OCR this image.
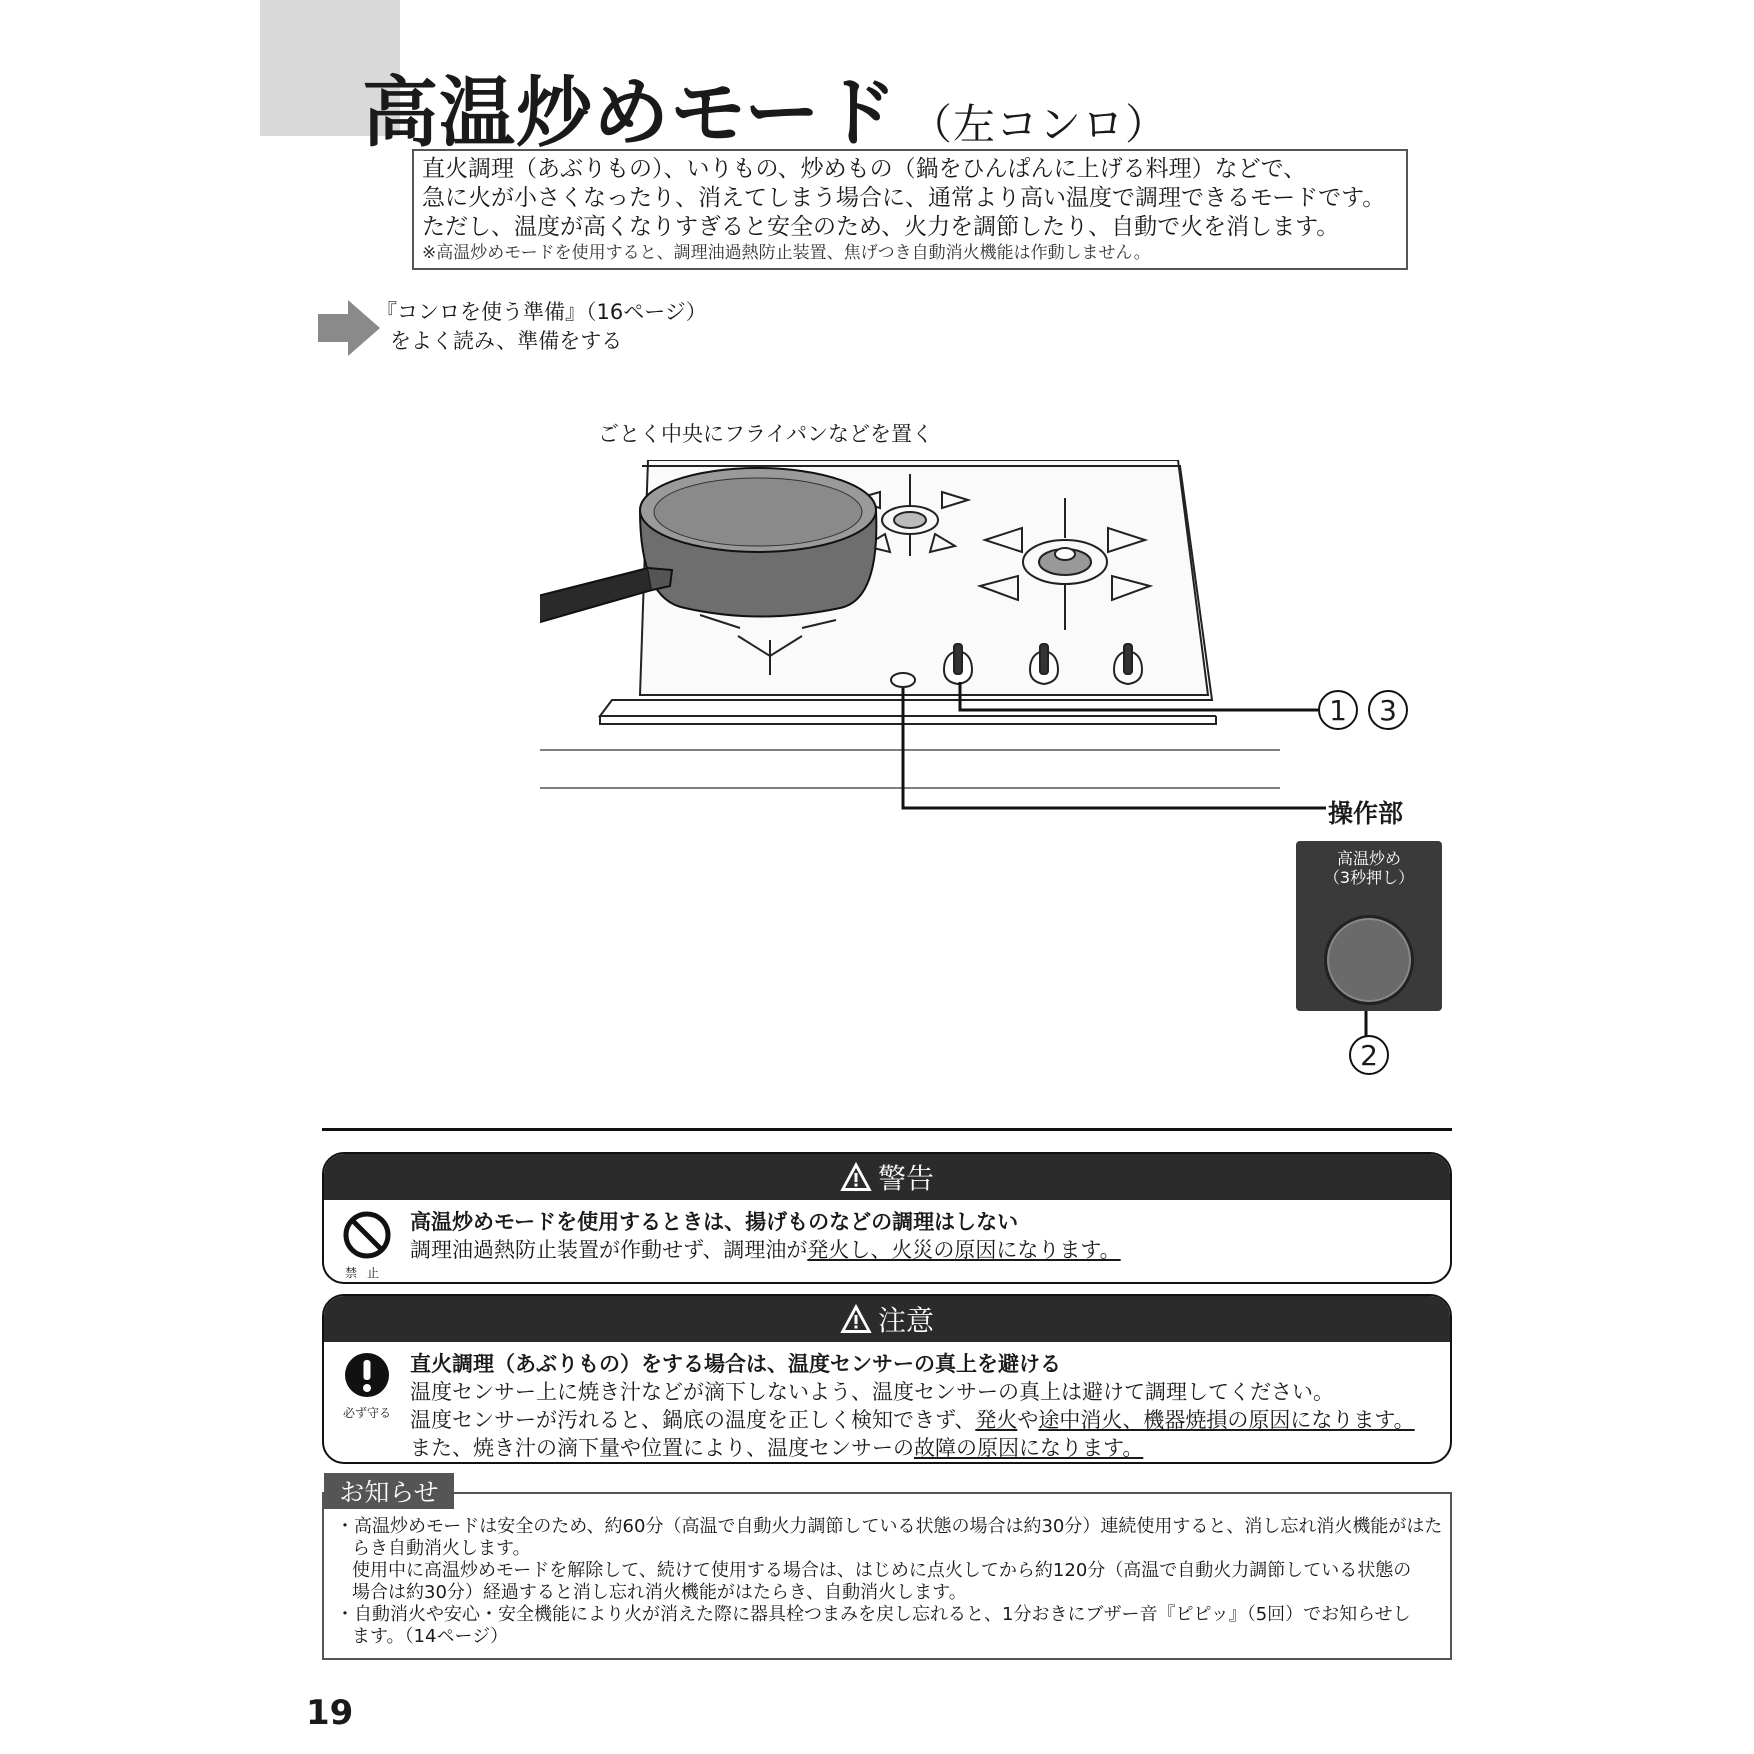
高温炒めモード （左コンロ）

直火調理（あぶりもの）、いりもの、炒めもの（鍋をひんぱんに上げる料理）などで、

急に火が小さくなったり、消えてしまう場合に、通常より高い温度で調理できるモードです。

ただし、温度が高くなりすぎると安全のため、火力を調節したり、自動で火を消します。

※高温炒めモードを使用すると、調理油過熱防止装置、焦げつき自動消火機能は作動しません。

『コンロを使う準備』（16ページ）
をよく読み、準備をする
ごとく中央にフライパンなどを置く
1	3
操作部
高温炒め
（3秒押し）
2
警告
禁止
高温炒めモードを使用するときは、揚げものなどの調理はしない
調理油過熱防止装置が作動せず、調理油が発火し、火災の原因になります。
注意
必ず守る
直火調理（あぶりもの）をする場合は、温度センサーの真上を避ける
温度センサー上に焼き汁などが滴下しないよう、温度センサーの真上は避けて調理してください。
温度センサーが汚れると、鍋底の温度を正しく検知できず、発火や途中消火、機器焼損の原因になります。
また、焼き汁の滴下量や位置により、温度センサーの故障の原因になります。

・高温炒めモードは安全のため、約60分（高温で自動火力調節している状態の場合は約30分）連続使用すると、消し忘れ消火機能がはた

らき自動消火します。

使用中に高温炒めモードを解除して、続けて使用する場合は、はじめに点火してから約120分（高温で自動火力調節している状態の

場合は約30分）経過すると消し忘れ消火機能がはたらき、自動消火します。

・自動消火や安心・安全機能により火が消えた際に器具栓つまみを戻し忘れると、1分おきにブザー音『ピピッ』（5回）でお知らせし

ます。（14ページ）

お知らせ
19
